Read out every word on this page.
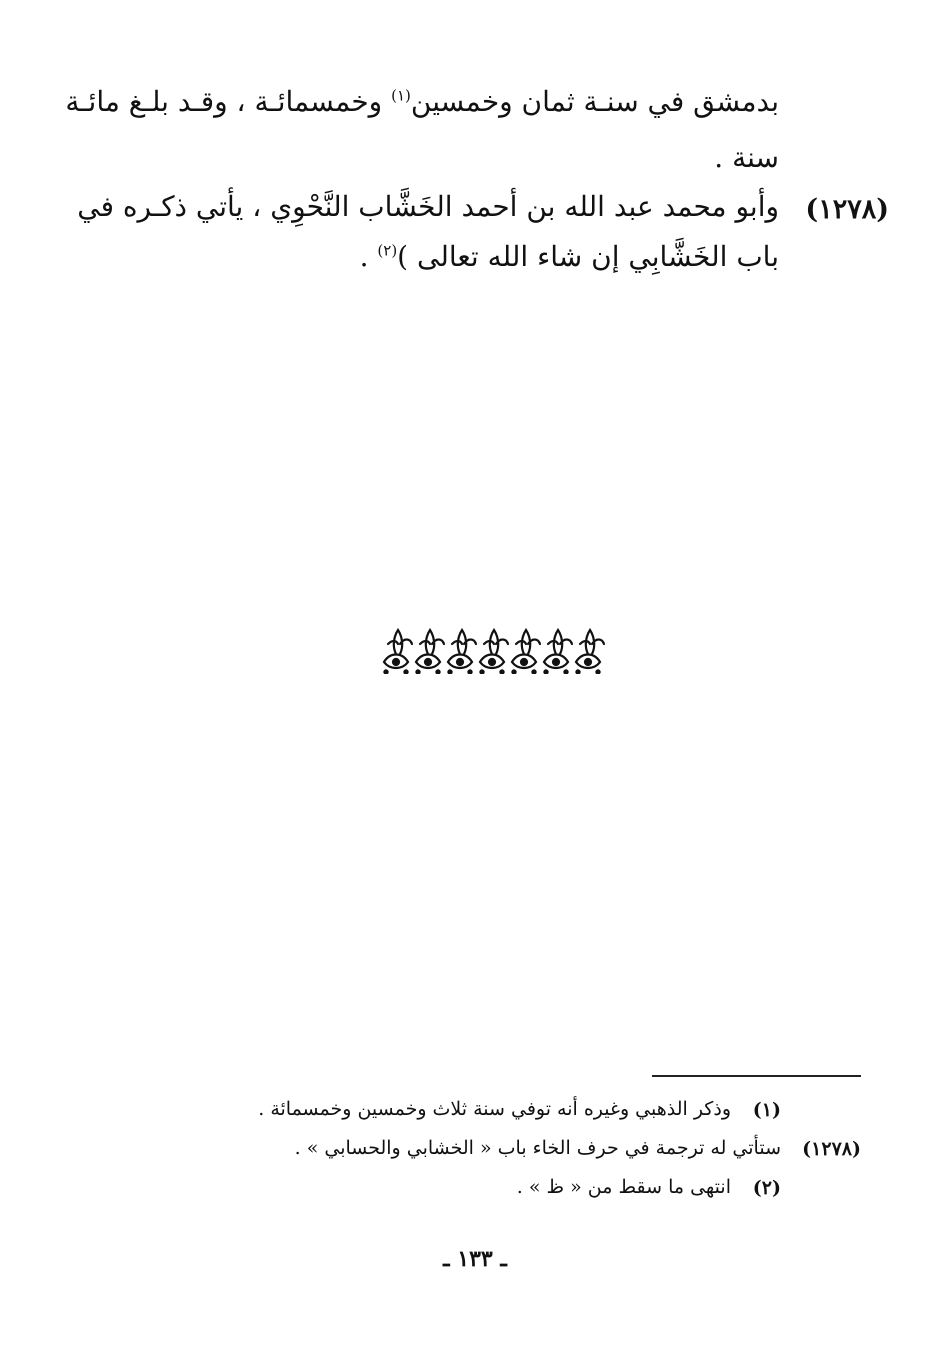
بدمشق في سنـة ثمان وخمسين$^{(١)}$ وخمسمائـة ، وقـد بلـغ مائـة
سنة .
(١٢٧٨)
وأبو محمد عبد الله بن أحمد الخَشَّاب النَّحْوِي ، يأتي ذكـره في
باب الخَشَّابِي إن شاء الله تعالى )$^{(٢)}$ .
(١)
وذكر الذهبي وغيره أنه توفي سنة ثلاث وخمسين وخمسمائة .
(١٢٧٨)
ستأتي له ترجمة في حرف الخاء باب « الخشابي والحسابي » .
(٢)
انتهى ما سقط من « ظ » .
ـ ١٣٣ ـ
